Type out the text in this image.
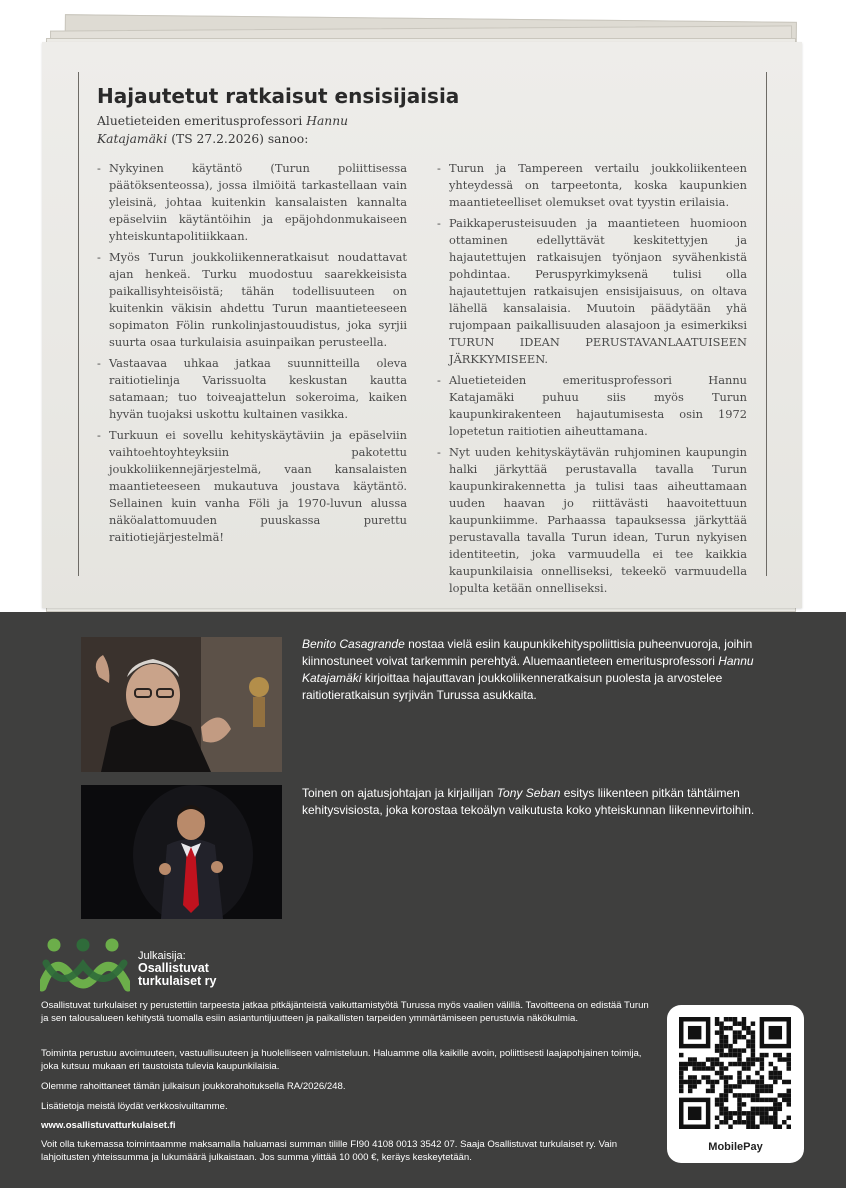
Hajautetut ratkaisut ensisijaisia
Aluetieteiden emeritusprofessori Hannu Katajamäki (TS 27.2.2026) sanoo:
- Nykyinen käytäntö (Turun poliittisessa päätöksenteossa), jossa ilmiöitä tarkastellaan vain yleisinä, johtaa kuitenkin kansalaisten kannalta epäselviin käytäntöihin ja epäjohdonmukaiseen yhteiskuntapolitiikkaan.
- Myös Turun joukkoliikenneratkaisut noudattavat ajan henkeä. Turku muodostuu saarekkeisista paikallisyhteisöistä; tähän todellisuuteen on kuitenkin väkisin ahdettu Turun maantieteeseen sopimaton Fölin runkolinjastouudistus, joka syrjii suurta osaa turkulaisia asuinpaikan perusteella.
- Vastaavaa uhkaa jatkaa suunnitteilla oleva raitiotielinja Varissuolta keskustan kautta satamaan; tuo toiveajattelun sokeroima, kaiken hyvän tuojaksi uskottu kultainen vasikka.
- Turkuun ei sovellu kehityskäytäviin ja epäselviin vaihtoehtoyhteyksiin pakotettu joukkoliikennejärjestelmä, vaan kansalaisten maantieteeseen mukautuva joustava käytäntö. Sellainen kuin vanha Föli ja 1970-luvun alussa näköalattomuuden puuskassa purettu raitiotiejärjestelmä!
- Turun ja Tampereen vertailu joukkoliikenteen yhteydessä on tarpeetonta, koska kaupunkien maantieteelliset olemukset ovat tyystin erilaisia.
- Paikkaperusteisuuden ja maantieteen huomioon ottaminen edellyttävät keskitettyjen ja hajautettujen ratkaisujen työnjaon syvähenkistä pohdintaa. Peruspyrkimyksenä tulisi olla hajautettujen ratkaisujen ensisijaisuus, on oltava lähellä kansalaisia. Muutoin päädytään yhä rujompaan paikallisuuden alasajoon ja esimerkiksi TURUN IDEAN PERUSTAVANLAATUISEEN JÄRKKYMISEEN.
- Aluetieteiden emeritusprofessori Hannu Katajamäki puhuu siis myös Turun kaupunkirakenteen hajautumisesta osin 1972 lopetetun raitiotien aiheuttamana.
- Nyt uuden kehityskäytävän ruhjominen kaupungin halki järkyttää perustavalla tavalla Turun kaupunkirakennetta ja tulisi taas aiheuttamaan uuden haavan jo riittävästi haavoitettuun kaupunkiimme. Parhaassa tapauksessa järkyttää perustavalla tavalla Turun idean, Turun nykyisen identiteetin, joka varmuudella ei tee kaikkia kaupunkilaisia onnelliseksi, tekeekö varmuudella lopulta ketään onnelliseksi.
Benito Casagrande nostaa vielä esiin kaupunkikehityspoliittisia puheenvuoroja, joihin kiinnostuneet voivat tarkemmin perehtyä. Aluemaantieteen emeritusprofessori Hannu Katajamäki kirjoittaa hajauttavan joukkoliikenneratkaisun puolesta ja arvostelee raitiotieratkaisun syrjivän Turussa asukkaita.
Toinen on ajatusjohtajan ja kirjailijan Tony Seban esitys liikenteen pitkän tähtäimen kehitysvisiosta, joka korostaa tekoälyn vaikutusta koko yhteiskunnan liikennevirtoihin.
Julkaisija:
Osallistuvat turkulaiset ry
Osallistuvat turkulaiset ry perustettiin tarpeesta jatkaa pitkäjänteistä vaikuttamistyötä Turussa myös vaalien välillä. Tavoitteena on edistää Turun ja sen talousalueen kehitystä tuomalla esiin asiantuntijuutteen ja paikallisten tarpeiden ymmärtämiseen perustuvia näkökulmia.
Toiminta perustuu avoimuuteen, vastuullisuuteen ja huolelliseen valmisteluun. Haluamme olla kaikille avoin, poliittisesti laajapohjainen toimija, joka kutsuu mukaan eri taustoista tulevia kaupunkilaisia.
Olemme rahoittaneet tämän julkaisun joukkorahoituksella RA/2026/248.
Lisätietoja meistä löydät verkkosivuiltamme.
www.osallistuvatturkulaiset.fi
Voit olla tukemassa toimintaamme maksamalla haluamasi summan tilille FI90 4108 0013 3542 07. Saaja Osallistuvat turkulaiset ry. Vain lahjoitusten yhteissumma ja lukumäärä julkaistaan. Jos summa ylittää 10 000 €, keräys keskeytetään.
MobilePay
